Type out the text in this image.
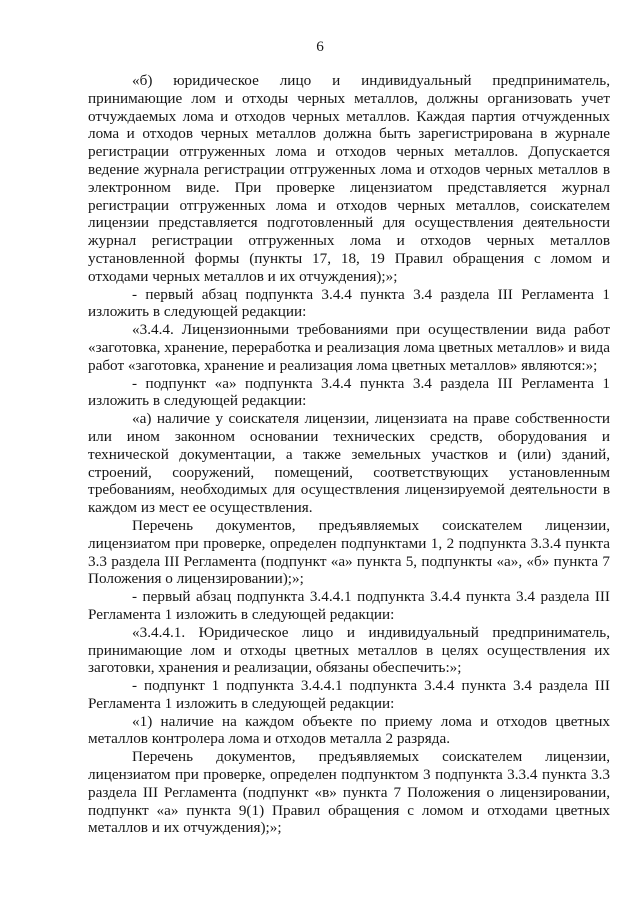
6

«б) юридическое лицо и индивидуальный предприниматель, принимающие лом и отходы черных металлов, должны организовать учет отчуждаемых лома и отходов черных металлов. Каждая партия отчужденных лома и отходов черных металлов должна быть зарегистрирована в журнале регистрации отгруженных лома и отходов черных металлов. Допускается ведение журнала регистрации отгруженных лома и отходов черных металлов в электронном виде. При проверке лицензиатом представляется журнал регистрации отгруженных лома и отходов черных металлов, соискателем лицензии представляется подготовленный для осуществления деятельности журнал регистрации отгруженных лома и отходов черных металлов установленной формы (пункты 17, 18, 19 Правил обращения с ломом и отходами черных металлов и их отчуждения);»;

- первый абзац подпункта 3.4.4 пункта 3.4 раздела III Регламента 1 изложить в следующей редакции:

«3.4.4. Лицензионными требованиями при осуществлении вида работ «заготовка, хранение, переработка и реализация лома цветных металлов» и вида работ «заготовка, хранение и реализация лома цветных металлов» являются:»;

- подпункт «а» подпункта 3.4.4 пункта 3.4 раздела III Регламента 1 изложить в следующей редакции:

«а) наличие у соискателя лицензии, лицензиата на праве собственности или ином законном основании технических средств, оборудования и технической документации, а также земельных участков и (или) зданий, строений, сооружений, помещений, соответствующих установленным требованиям, необходимых для осуществления лицензируемой деятельности в каждом из мест ее осуществления.

Перечень документов, предъявляемых соискателем лицензии, лицензиатом при проверке, определен подпунктами 1, 2 подпункта 3.3.4 пункта 3.3 раздела III Регламента (подпункт «а» пункта 5, подпункты «а», «б» пункта 7 Положения о лицензировании);»;

- первый абзац подпункта 3.4.4.1 подпункта 3.4.4 пункта 3.4 раздела III Регламента 1 изложить в следующей редакции:

«3.4.4.1. Юридическое лицо и индивидуальный предприниматель, принимающие лом и отходы цветных металлов в целях осуществления их заготовки, хранения и реализации, обязаны обеспечить:»;

- подпункт 1 подпункта 3.4.4.1 подпункта 3.4.4 пункта 3.4 раздела III Регламента 1 изложить в следующей редакции:

«1) наличие на каждом объекте по приему лома и отходов цветных металлов контролера лома и отходов металла 2 разряда.

Перечень документов, предъявляемых соискателем лицензии, лицензиатом при проверке, определен подпунктом 3 подпункта 3.3.4 пункта 3.3 раздела III Регламента (подпункт «в» пункта 7 Положения о лицензировании, подпункт «а» пункта 9(1) Правил обращения с ломом и отходами цветных металлов и их отчуждения);»;
